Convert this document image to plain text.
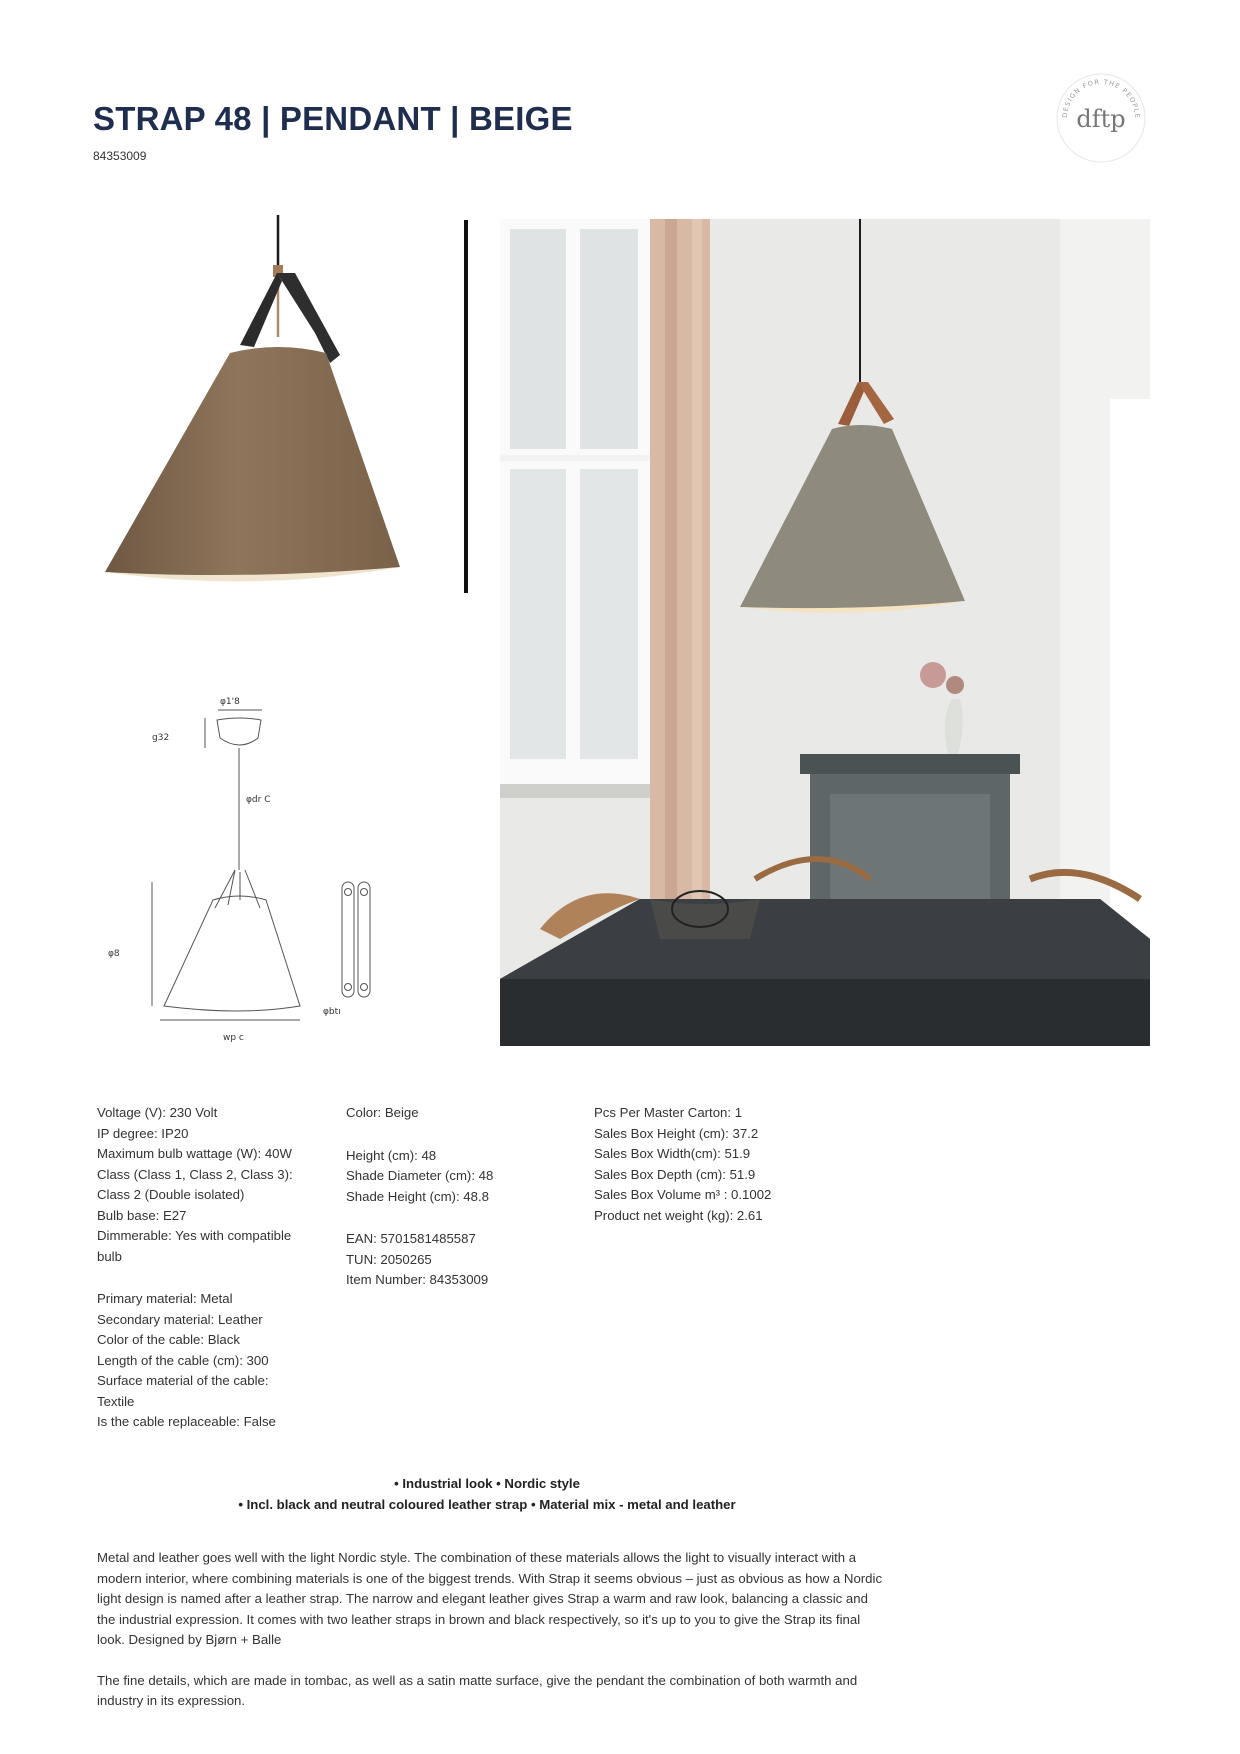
STRAP 48 | PENDANT | BEIGE
84353009
DESIGN FOR THE PEOPLE
dftp
φ1'8
g32
φdr C
φ8
φbtı
wp c
Voltage (V): 230 Volt
IP degree: IP20
Maximum bulb wattage (W): 40W
Class (Class 1, Class 2, Class 3):
Class 2 (Double isolated)
Bulb base: E27
Dimmerable: Yes with compatible
bulb
Primary material: Metal
Secondary material: Leather
Color of the cable: Black
Length of the cable (cm): 300
Surface material of the cable:
Textile
Is the cable replaceable: False
Color: Beige
Height (cm): 48
Shade Diameter (cm): 48
Shade Height (cm): 48.8
EAN: 5701581485587
TUN: 2050265
Item Number: 84353009
Pcs Per Master Carton: 1
Sales Box Height (cm): 37.2
Sales Box Width(cm): 51.9
Sales Box Depth (cm): 51.9
Sales Box Volume m³ : 0.1002
Product net weight (kg): 2.61
• Industrial look • Nordic style
• Incl. black and neutral coloured leather strap • Material mix - metal and leather

Metal and leather goes well with the light Nordic style. The combination of these materials allows the light to visually interact with a modern interior, where combining materials is one of the biggest trends. With Strap it seems obvious – just as obvious as how a Nordic light design is named after a leather strap. The narrow and elegant leather gives Strap a warm and raw look, balancing a classic and the industrial expression. It comes with two leather straps in brown and black respectively, so it's up to you to give the Strap its final look. Designed by Bjørn + Balle

The fine details, which are made in tombac, as well as a satin matte surface, give the pendant the combination of both warmth and industry in its expression.
